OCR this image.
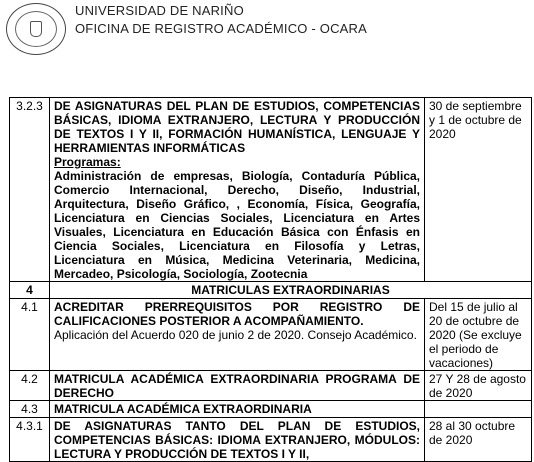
UNIVERSIDAD DE NARIÑO
OFICINA DE REGISTRO ACADÉMICO - OCARA
3.2.3	DE ASIGNATURAS DEL PLAN DE ESTUDIOS, COMPETENCIAS BÁSICAS, IDIOMA EXTRANJERO, LECTURA Y PRODUCCIÓN DE TEXTOS I Y II, FORMACIÓN HUMANÍSTICA, LENGUAJE Y HERRAMIENTAS INFORMÁTICAS
Programas:
Administración de empresas, Biología, Contaduría Pública, Comercio Internacional, Derecho, Diseño, Industrial, Arquitectura, Diseño Gráfico, , Economía, Física, Geografía, Licenciatura en Ciencias Sociales, Licenciatura en Artes Visuales, Licenciatura en Educación Básica con Énfasis en Ciencia Sociales, Licenciatura en Filosofía y Letras, Licenciatura en Música, Medicina Veterinaria, Medicina, Mercadeo, Psicología, Sociología, Zootecnia	30 de septiembre y 1 de octubre de 2020
4	MATRICULAS EXTRAORDINARIAS	
4.1	ACREDITAR PRERREQUISITOS POR REGISTRO DE CALIFICACIONES POSTERIOR A ACOMPAÑAMIENTO.
Aplicación del Acuerdo 020 de junio 2 de 2020. Consejo Académico.	Del 15 de julio al 20 de octubre de 2020 (Se excluye el periodo de vacaciones)
4.2	MATRICULA ACADÉMICA EXTRAORDINARIA PROGRAMA DE DERECHO	27 Y 28 de agosto de 2020
4.3	MATRICULA ACADÉMICA EXTRAORDINARIA	
4.3.1	DE ASIGNATURAS TANTO DEL PLAN DE ESTUDIOS, COMPETENCIAS BÁSICAS: IDIOMA EXTRANJERO, MÓDULOS: LECTURA Y PRODUCCIÓN DE TEXTOS I Y II,	28 al 30 octubre de 2020
